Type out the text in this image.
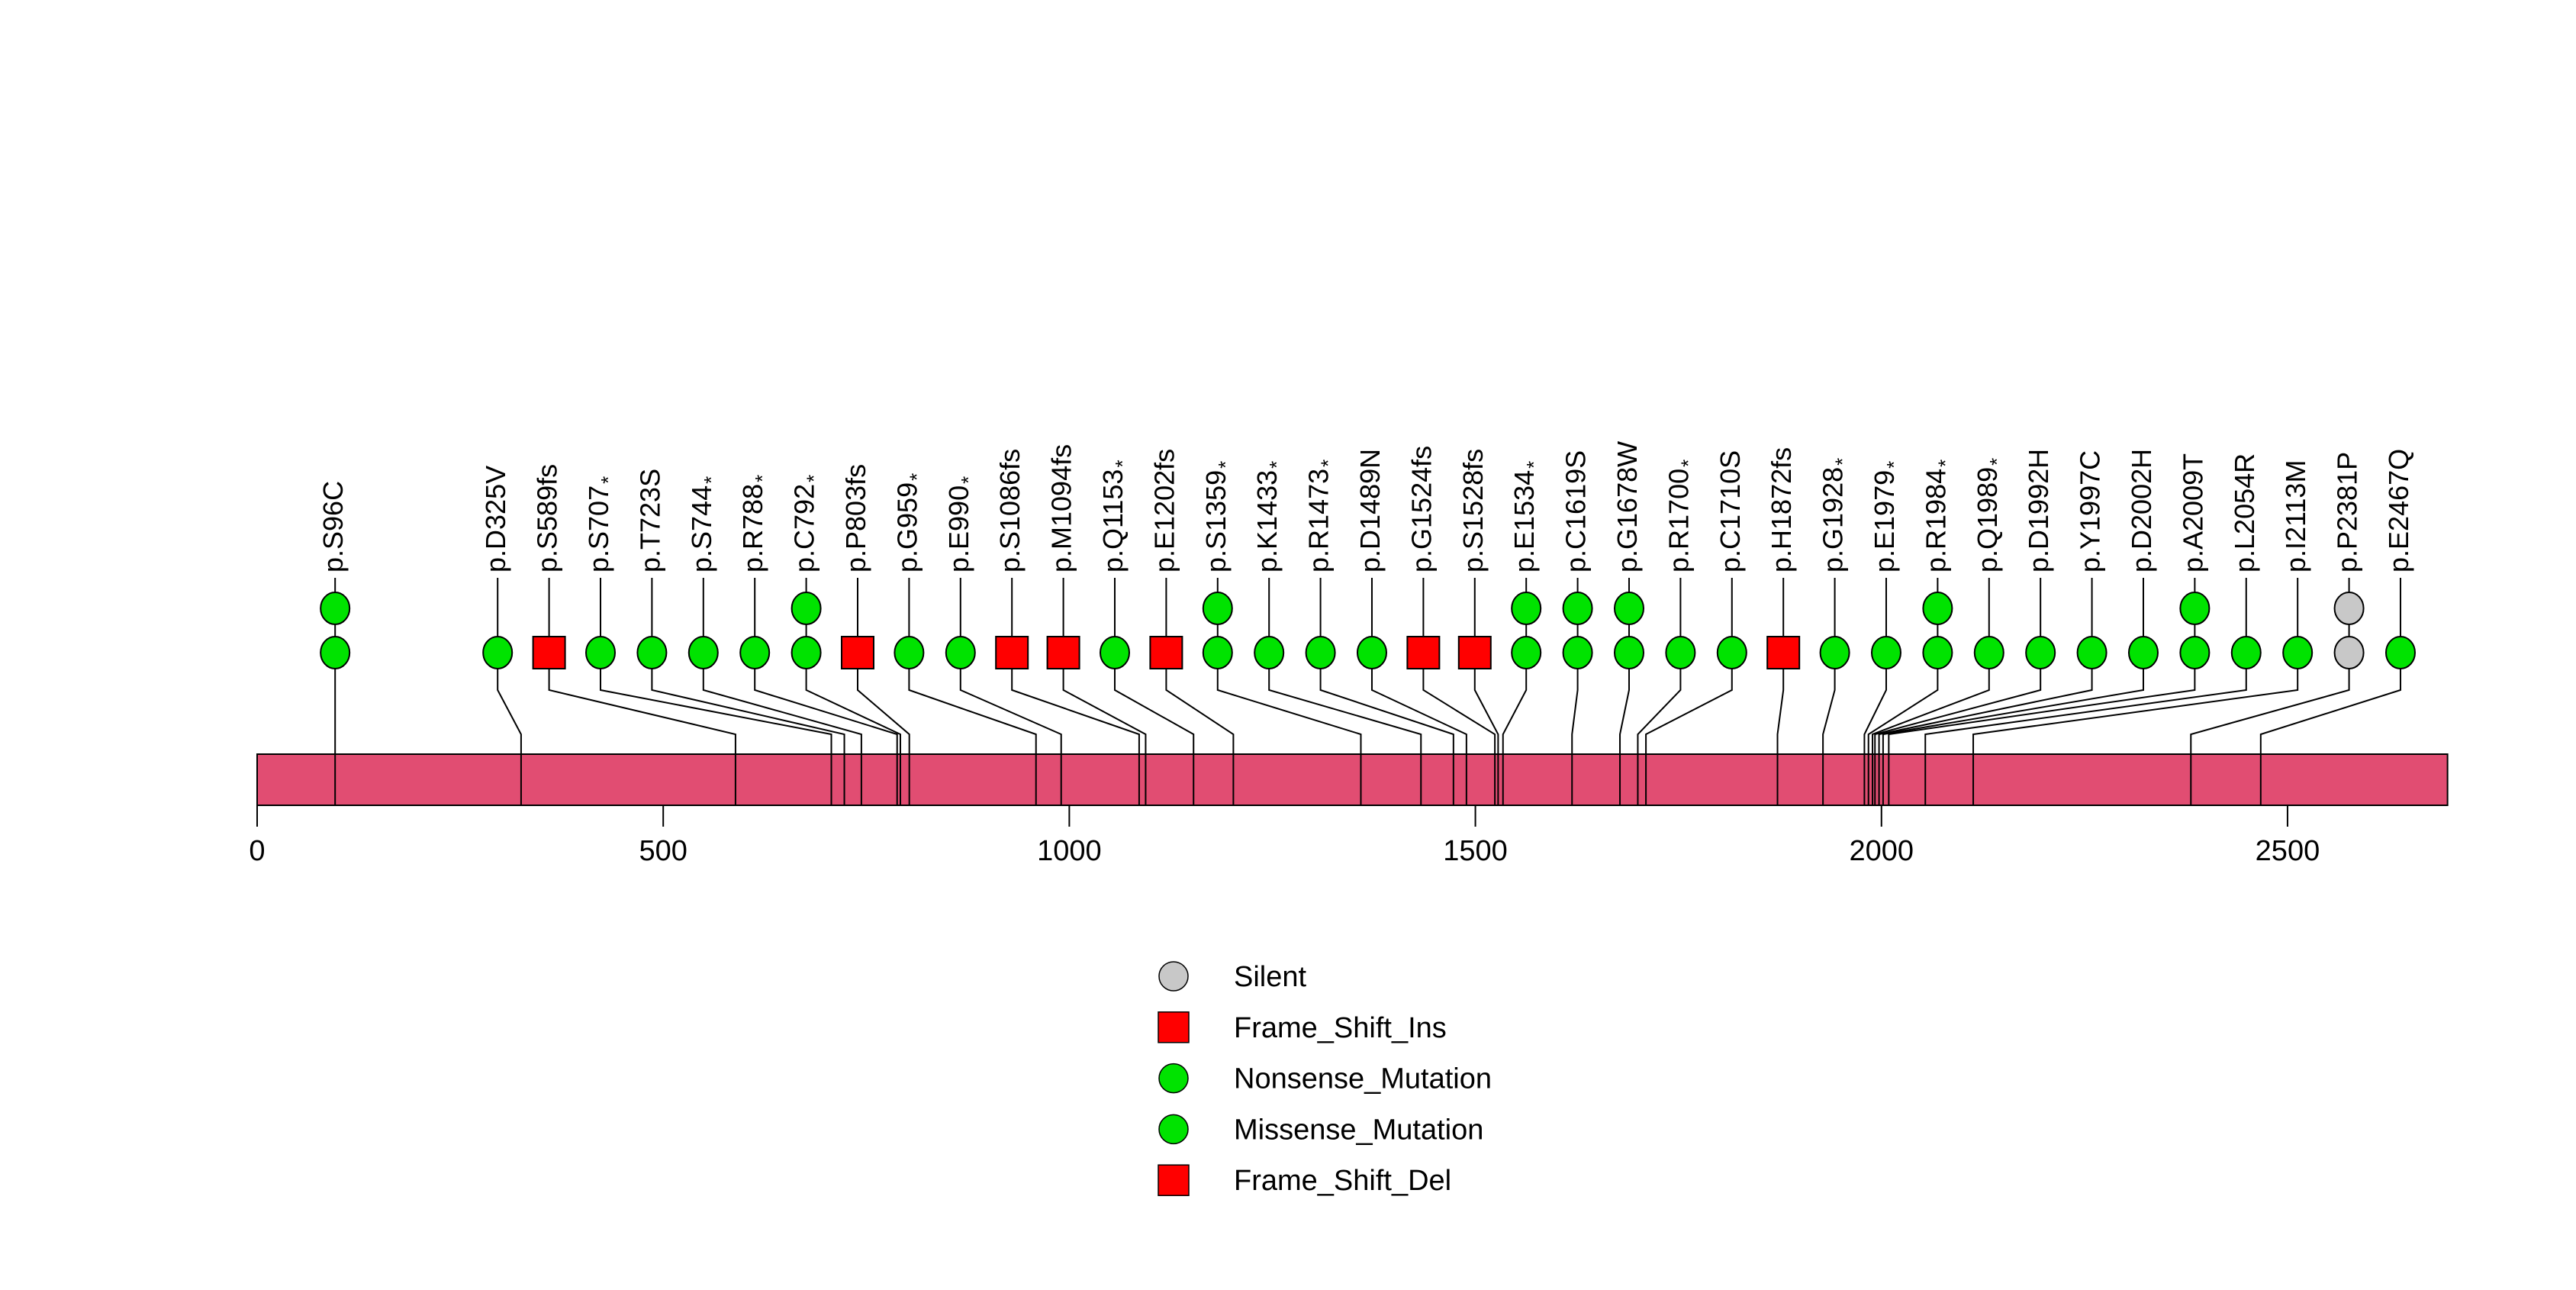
0	500	1000	1500	2000	2500
p.S96C	p.D325V p.S589fs $p.S707_*$ p.T723S $p.S744_*$
$p.R788_*$
$p.C792_*$ p.P803fs $p.G959_*$
$p.E990_*$ p.S1086fs p.M1094fs $p.Q1153_*$ p.E1202fs $p.S1359_*$
$p.K1433_*$
$p.R1473_*$ p.D1489N p.G1524fs p.S1528fs $p.E1534_*$ p.C1619S p.G1678W $p.R1700_*$ p.C1710S p.H1872fs $p.G1928_*$
$p.E1979_*$
$p.R1984_*$
$p.Q1989_*$ p.D1992H p.Y1997C p.D2002H p.A2009T p.L2054R p.I2113M p.P2381P p.E2467Q
Silent
Frame_Shift_Ins
Nonsense_Mutation
Missense_Mutation
Frame_Shift_Del
